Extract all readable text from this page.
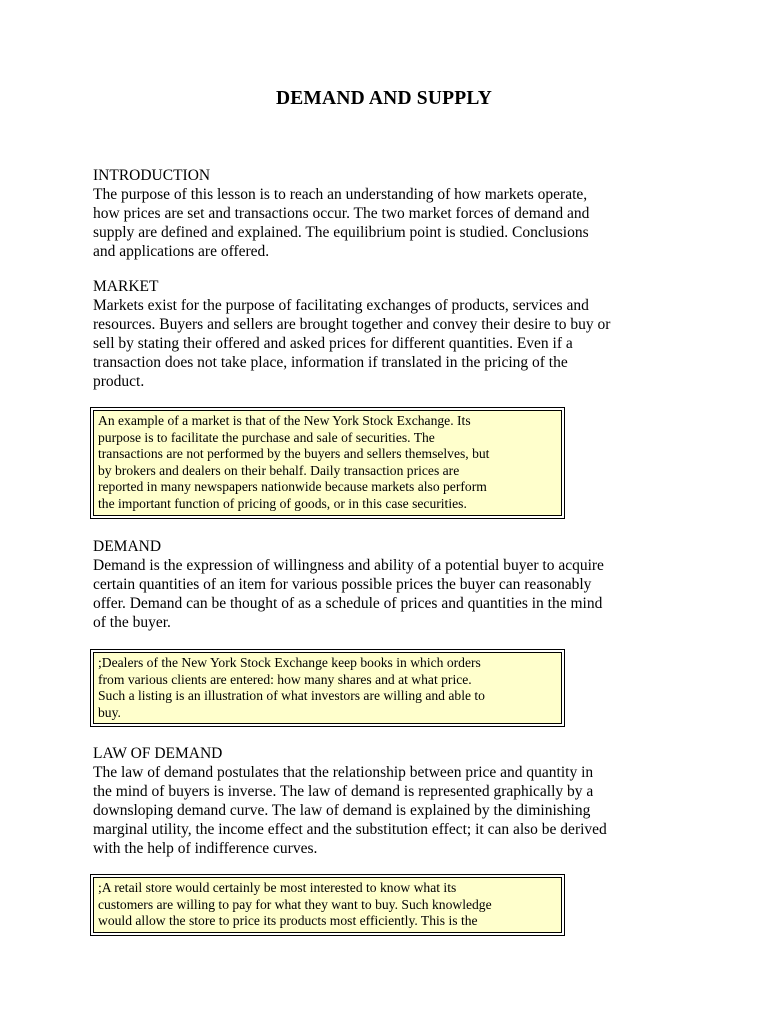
DEMAND AND SUPPLY
INTRODUCTION
The purpose of this lesson is to reach an understanding of how markets operate,
how prices are set and transactions occur. The two market forces of demand and
supply are defined and explained. The equilibrium point is studied. Conclusions
and applications are offered.
MARKET
Markets exist for the purpose of facilitating exchanges of products, services and
resources. Buyers and sellers are brought together and convey their desire to buy or
sell by stating their offered and asked prices for different quantities. Even if a
transaction does not take place, information if translated in the pricing of the
product.

An example of a market is that of the New York Stock Exchange. Its

purpose is to facilitate the purchase and sale of securities. The

transactions are not performed by the buyers and sellers themselves, but

by brokers and dealers on their behalf. Daily transaction prices are

reported in many newspapers nationwide because markets also perform

the important function of pricing of goods, or in this case securities.

DEMAND
Demand is the expression of willingness and ability of a potential buyer to acquire
certain quantities of an item for various possible prices the buyer can reasonably
offer. Demand can be thought of as a schedule of prices and quantities in the mind
of the buyer.

;Dealers of the New York Stock Exchange keep books in which orders

from various clients are entered: how many shares and at what price.

Such a listing is an illustration of what investors are willing and able to

buy.

LAW OF DEMAND
The law of demand postulates that the relationship between price and quantity in
the mind of buyers is inverse. The law of demand is represented graphically by a
downsloping demand curve. The law of demand is explained by the diminishing
marginal utility, the income effect and the substitution effect; it can also be derived
with the help of indifference curves.

;A retail store would certainly be most interested to know what its

customers are willing to pay for what they want to buy. Such knowledge

would allow the store to price its products most efficiently. This is the
